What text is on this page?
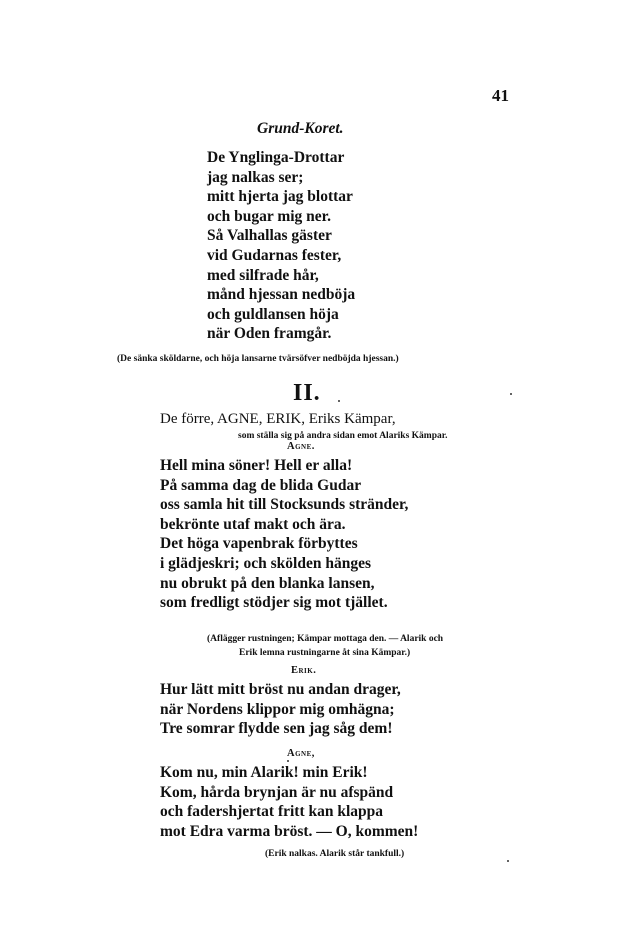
41
Grund-Koret.
De Ynglinga-Drottar
jag nalkas ser;
mitt hjerta jag blottar
och bugar mig ner.
Så Valhallas gäster
vid Gudarnas fester,
med silfrade hår,
månd hjessan nedböja
och guldlansen höja
när Oden framgår.
(De sänka sköldarne, och höja lansarne tvärsöfver nedböjda hjessan.)
II.
De förre, AGNE, ERIK, Eriks Kämpar,
som ställa sig på andra sidan emot Alariks Kämpar.
Agne.
Hell mina söner! Hell er alla!
På samma dag de blida Gudar
oss samla hit till Stocksunds stränder,
bekrönte utaf makt och ära.
Det höga vapenbrak förbyttes
i glädjeskri; och skölden hänges
nu obrukt på den blanka lansen,
som fredligt stödjer sig mot tjället.
(Aflägger rustningen; Kämpar mottaga den. — Alarik och
Erik lemna rustningarne åt sina Kämpar.)
Erik.
Hur lätt mitt bröst nu andan drager,
när Nordens klippor mig omhägna;
Tre somrar flydde sen jag såg dem!
Agne,
Kom nu, min Alarik! min Erik!
Kom, hårda brynjan är nu afspänd
och fadershjertat fritt kan klappa
mot Edra varma bröst. — O, kommen!
(Erik nalkas. Alarik står tankfull.)
